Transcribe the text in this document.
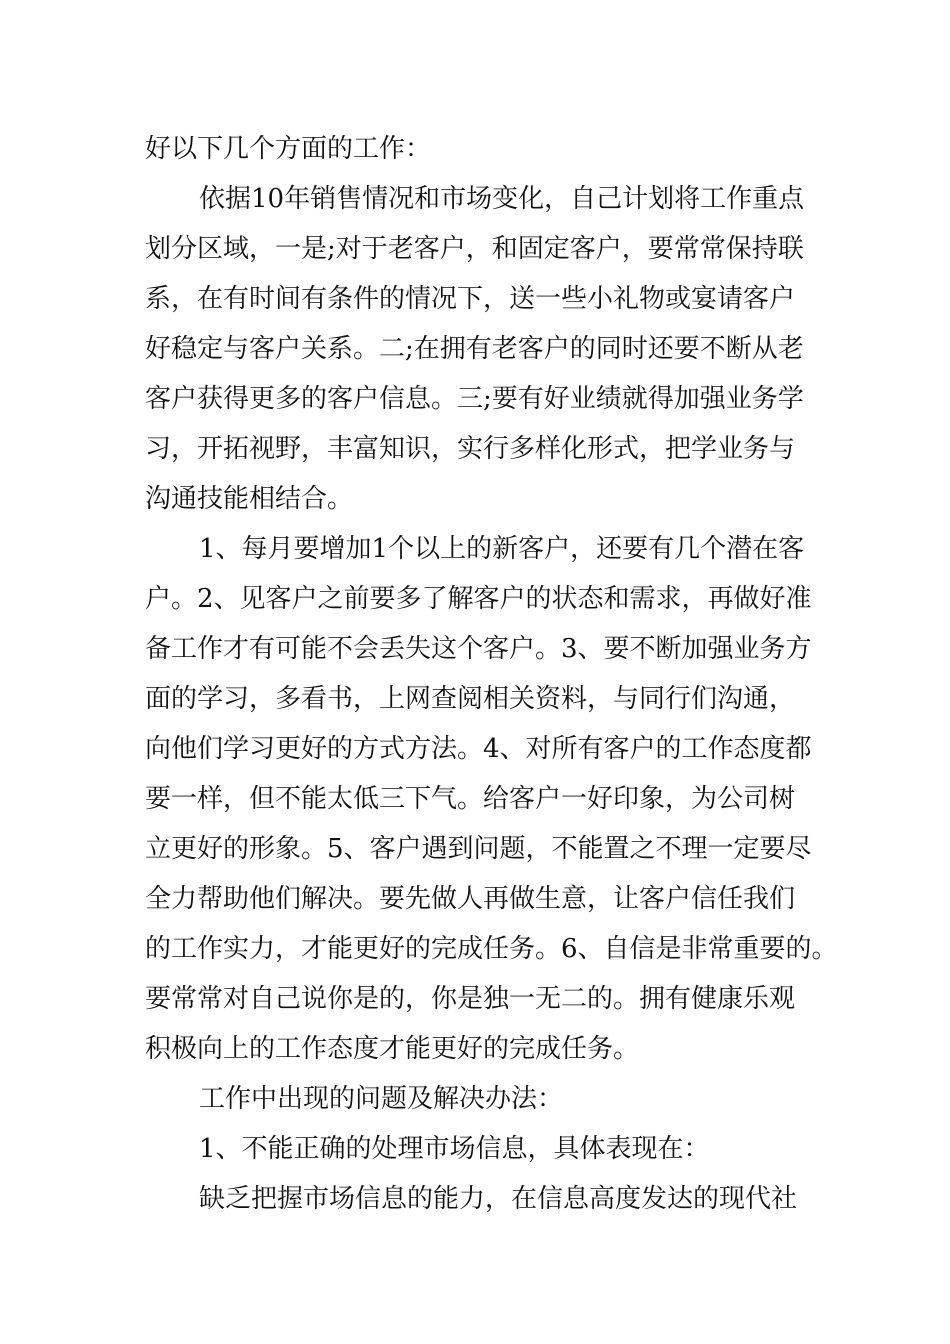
好以下几个方面的工作：
依据10年销售情况和市场变化，自己计划将工作重点
划分区域，一是;对于老客户，和固定客户，要常常保持联
系，在有时间有条件的情况下，送一些小礼物或宴请客户
好稳定与客户关系。二;在拥有老客户的同时还要不断从老
客户获得更多的客户信息。三;要有好业绩就得加强业务学
习，开拓视野，丰富知识，实行多样化形式，把学业务与
沟通技能相结合。
1、每月要增加1个以上的新客户，还要有几个潜在客
户。2、见客户之前要多了解客户的状态和需求，再做好准
备工作才有可能不会丢失这个客户。3、要不断加强业务方
面的学习，多看书，上网查阅相关资料，与同行们沟通，
向他们学习更好的方式方法。4、对所有客户的工作态度都
要一样，但不能太低三下气。给客户一好印象，为公司树
立更好的形象。5、客户遇到问题，不能置之不理一定要尽
全力帮助他们解决。要先做人再做生意，让客户信任我们
的工作实力，才能更好的完成任务。6、自信是非常重要的。
要常常对自己说你是的，你是独一无二的。拥有健康乐观
积极向上的工作态度才能更好的完成任务。
工作中出现的问题及解决办法：
1、不能正确的处理市场信息，具体表现在：
缺乏把握市场信息的能力，在信息高度发达的现代社
